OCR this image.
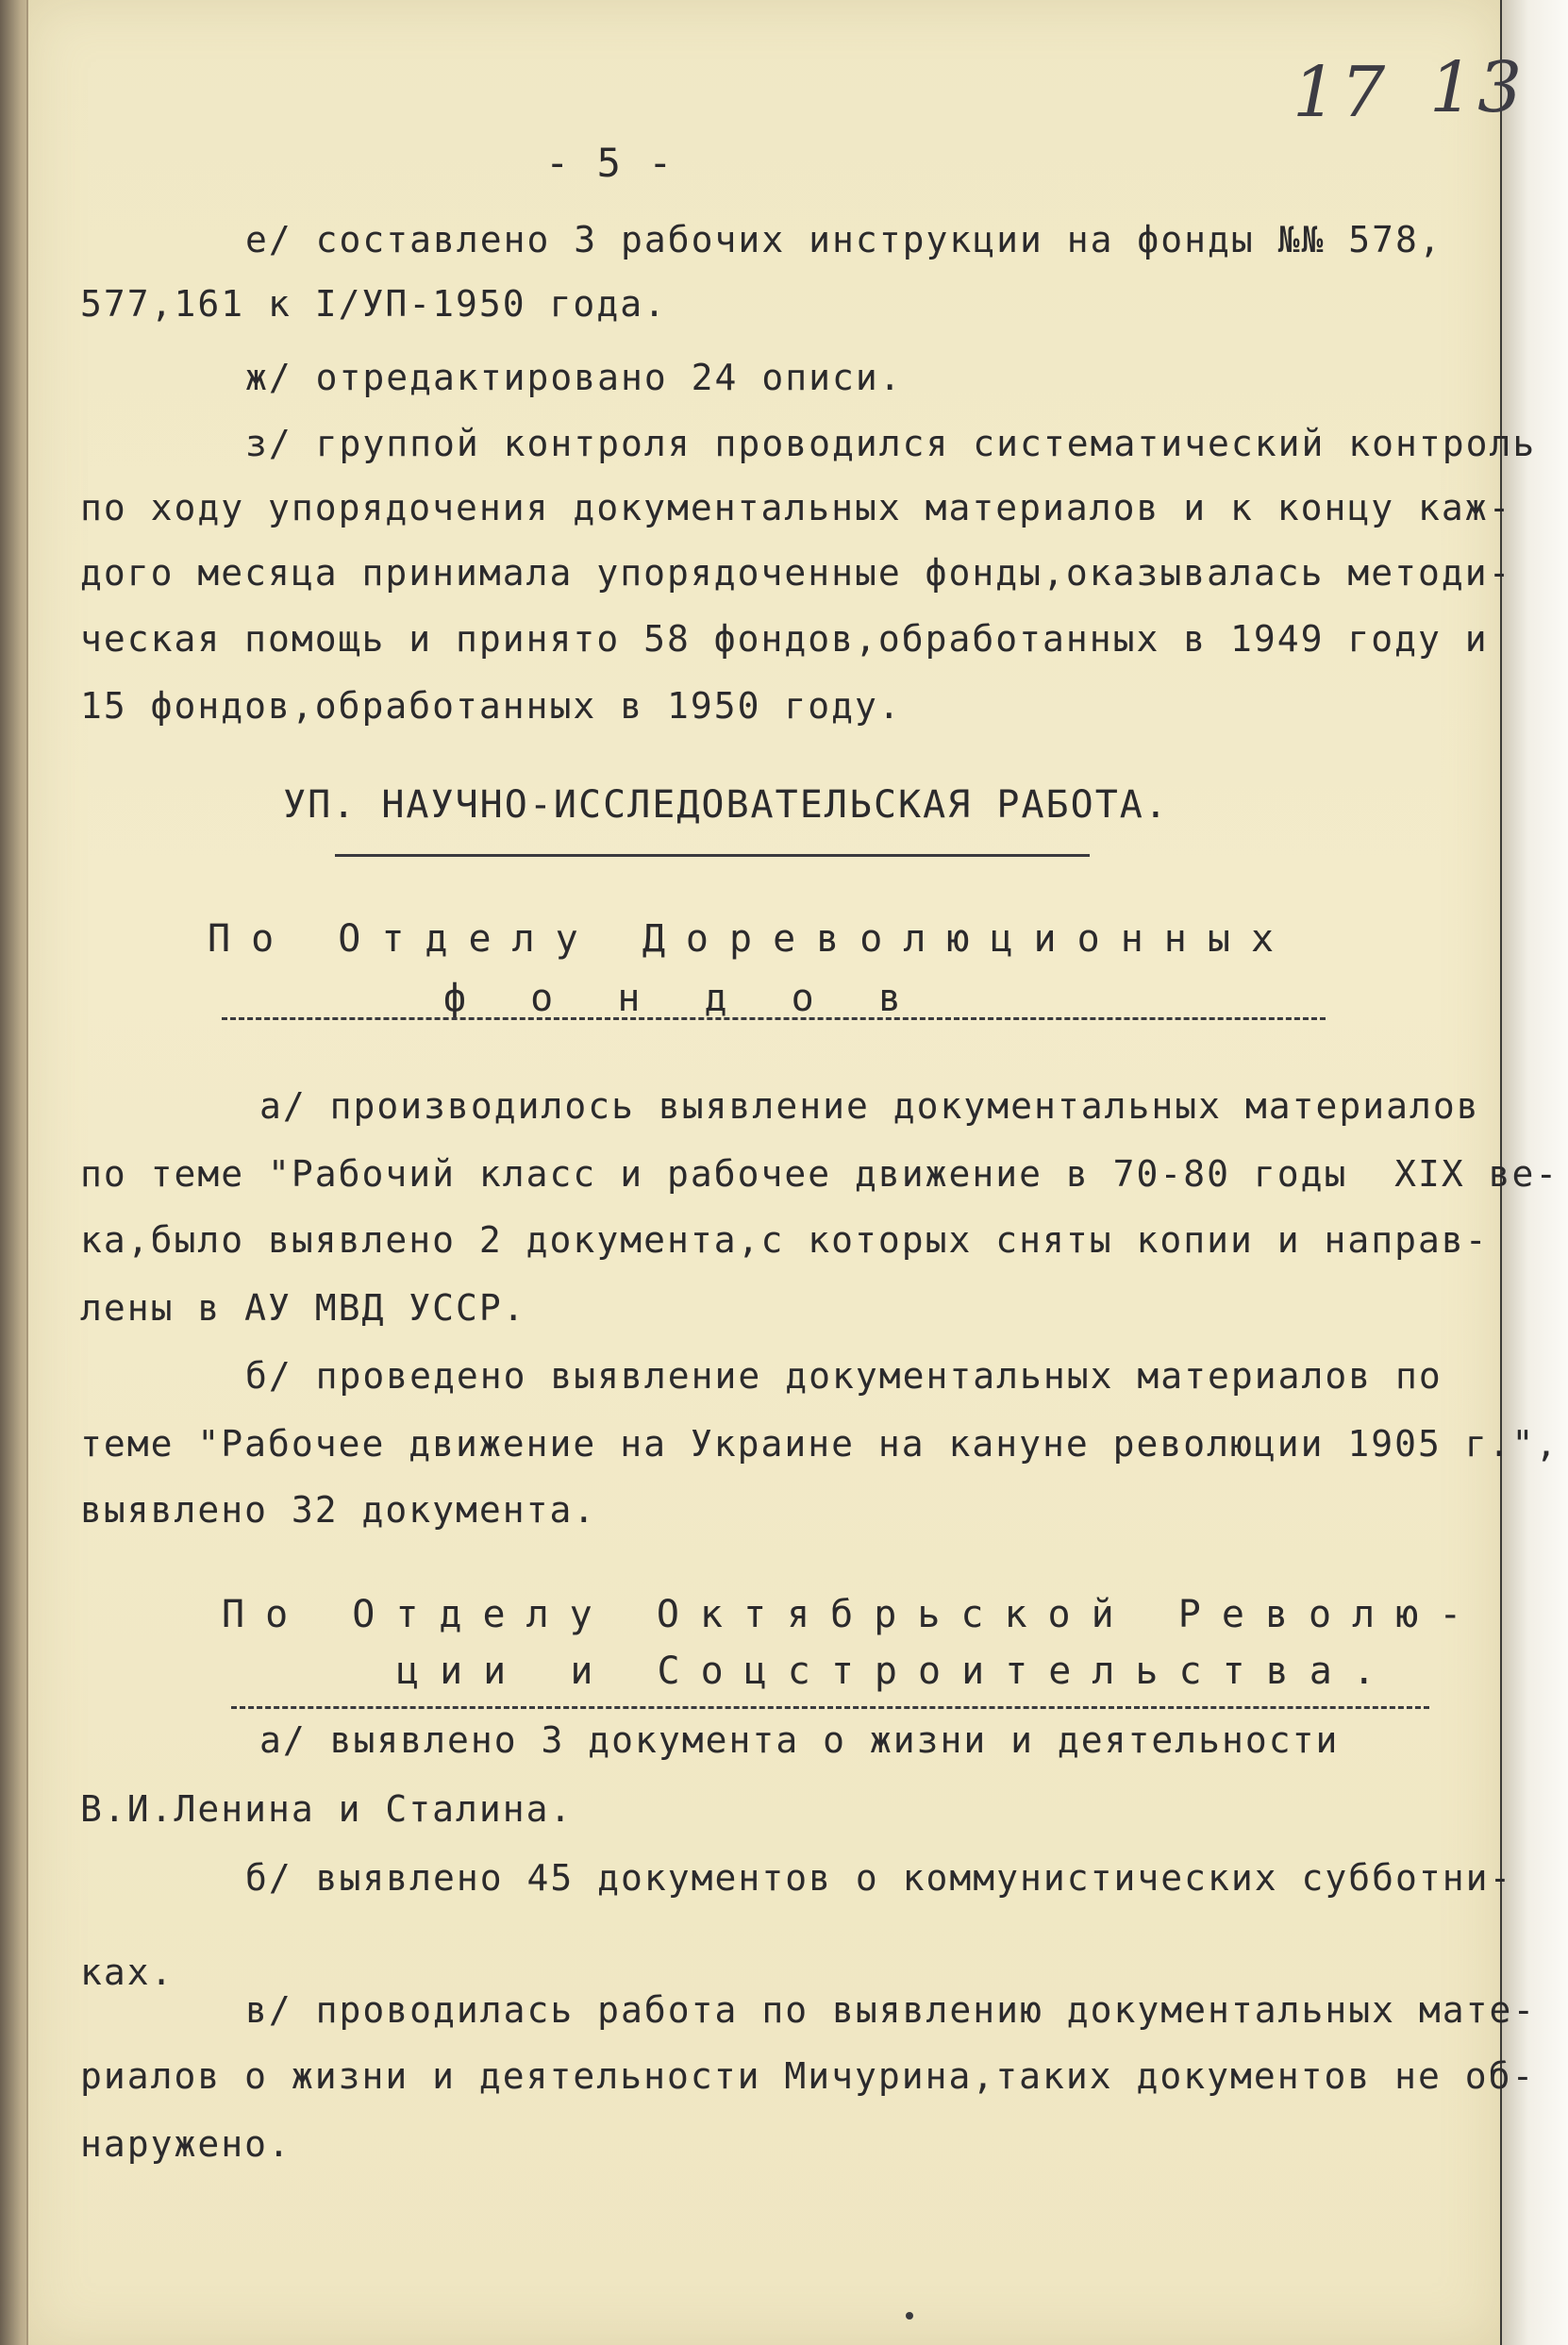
17 13
- 5 -
е/ составлено 3 рабочих инструкции на фонды №№ 578,
577,161 к I/УП-1950 года.
ж/ отредактировано 24 описи.
з/ группой контроля проводился систематический контроль
по ходу упорядочения документальных материалов и к концу каж-
дого месяца принимала упорядоченные фонды,оказывалась методи-
ческая помощь и принято 58 фондов,обработанных в 1949 году и
15 фондов,обработанных в 1950 году.
УП. НАУЧНО-ИССЛЕДОВАТЕЛЬСКАЯ РАБОТА.
По Отделу Дореволюционных
ф о н д о в
а/ производилось выявление документальных материалов
по теме "Рабочий класс и рабочее движение в 70-80 годы  XIX ве-
ка,было выявлено 2 документа,с которых сняты копии и направ-
лены в АУ МВД УССР.
б/ проведено выявление документальных материалов по
теме "Рабочее движение на Украине на кануне революции 1905 г.",
выявлено 32 документа.
По Отделу Октябрьской Револю-
ции и Соцстроительства.
а/ выявлено 3 документа о жизни и деятельности
В.И.Ленина и Сталина.
б/ выявлено 45 документов о коммунистических субботни-
ках.
в/ проводилась работа по выявлению документальных мате-
риалов о жизни и деятельности Мичурина,таких документов не об-
наружено.
